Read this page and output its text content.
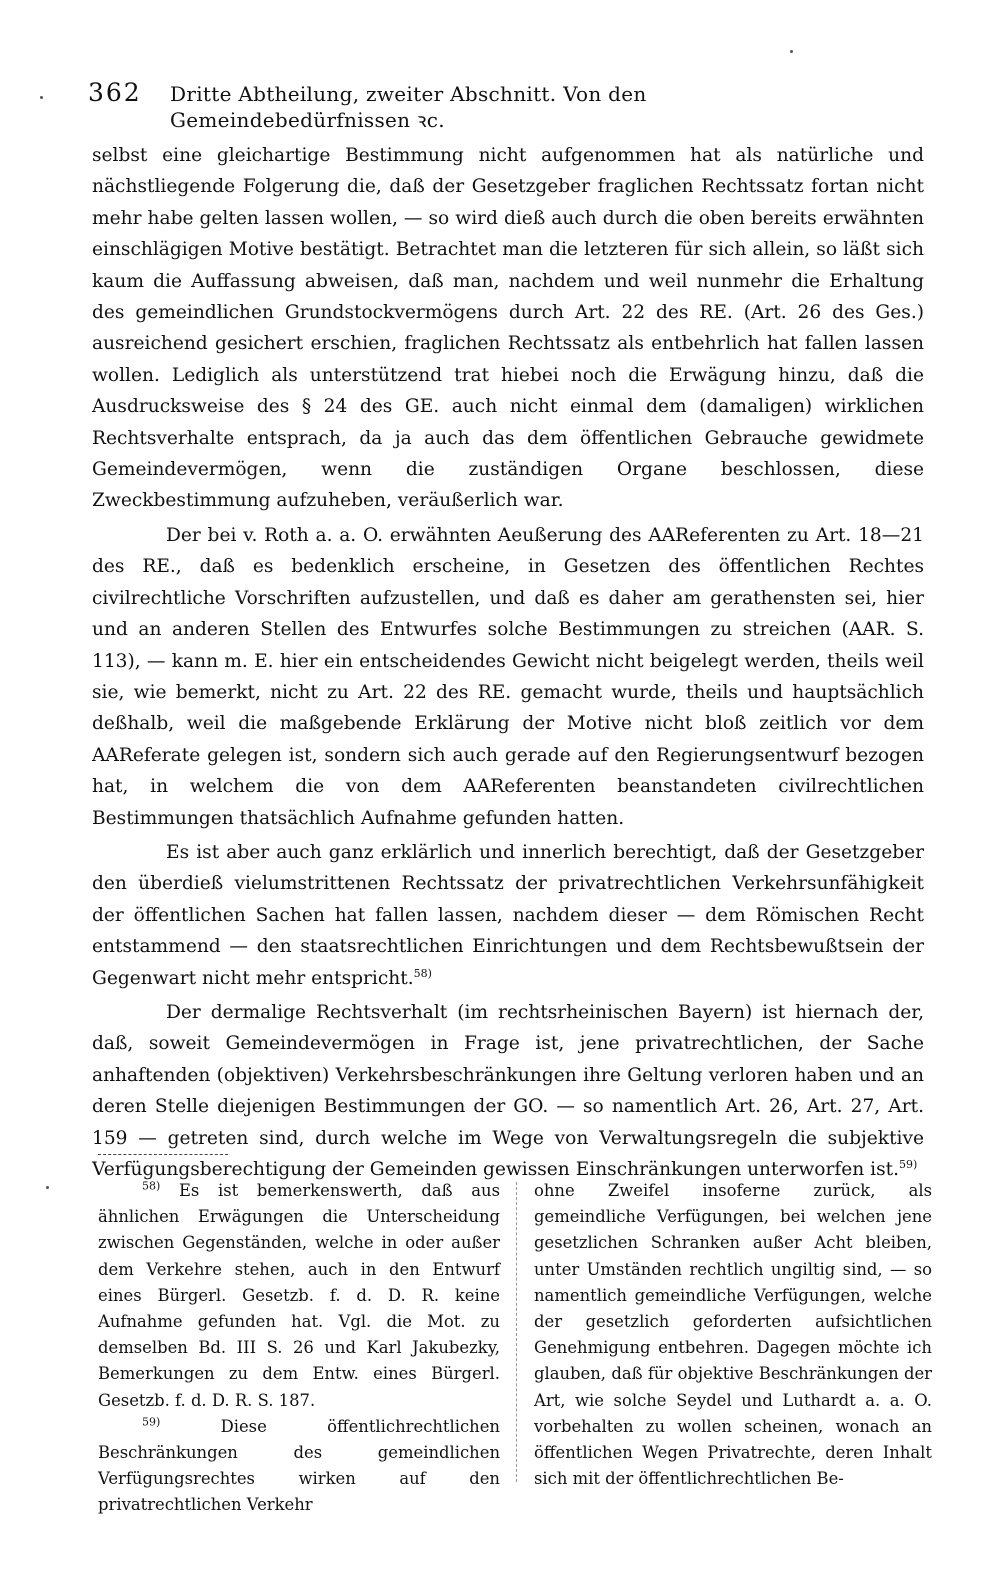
362 Dritte Abtheilung, zweiter Abschnitt. Von den Gemeindebedürfnissen ꝛc.

selbst eine gleichartige Bestimmung nicht aufgenommen hat als natürliche und nächstliegende Folgerung die, daß der Gesetzgeber fraglichen Rechtssatz fortan nicht mehr habe gelten lassen wollen, — so wird dieß auch durch die oben bereits erwähnten einschlägigen Motive bestätigt. Betrachtet man die letzteren für sich allein, so läßt sich kaum die Auffassung abweisen, daß man, nachdem und weil nunmehr die Erhaltung des gemeindlichen Grundstockvermögens durch Art. 22 des RE. (Art. 26 des Ges.) ausreichend gesichert erschien, fraglichen Rechtssatz als entbehrlich hat fallen lassen wollen. Lediglich als unterstützend trat hiebei noch die Erwägung hinzu, daß die Ausdrucksweise des § 24 des GE. auch nicht einmal dem (damaligen) wirklichen Rechtsverhalte entsprach, da ja auch das dem öffentlichen Gebrauche gewidmete Gemeindevermögen, wenn die zuständigen Organe beschlossen, diese Zweckbestimmung aufzuheben, veräußerlich war.

Der bei v. Roth a. a. O. erwähnten Aeußerung des AAReferenten zu Art. 18—21 des RE., daß es bedenklich erscheine, in Gesetzen des öffentlichen Rechtes civilrechtliche Vorschriften aufzustellen, und daß es daher am gerathensten sei, hier und an anderen Stellen des Entwurfes solche Bestimmungen zu streichen (AAR. S. 113), — kann m. E. hier ein entscheidendes Gewicht nicht beigelegt werden, theils weil sie, wie bemerkt, nicht zu Art. 22 des RE. gemacht wurde, theils und hauptsächlich deßhalb, weil die maßgebende Erklärung der Motive nicht bloß zeitlich vor dem AAReferate gelegen ist, sondern sich auch gerade auf den Regierungsentwurf bezogen hat, in welchem die von dem AAReferenten beanstandeten civilrechtlichen Bestimmungen thatsächlich Aufnahme gefunden hatten.

Es ist aber auch ganz erklärlich und innerlich berechtigt, daß der Gesetzgeber den überdieß vielumstrittenen Rechtssatz der privatrechtlichen Verkehrsunfähigkeit der öffentlichen Sachen hat fallen lassen, nachdem dieser — dem Römischen Recht entstammend — den staatsrechtlichen Einrichtungen und dem Rechtsbewußtsein der Gegenwart nicht mehr entspricht.$^{58)}$

Der dermalige Rechtsverhalt (im rechtsrheinischen Bayern) ist hiernach der, daß, soweit Gemeindevermögen in Frage ist, jene privatrechtlichen, der Sache anhaftenden (objektiven) Verkehrsbeschränkungen ihre Geltung verloren haben und an deren Stelle diejenigen Bestimmungen der GO. — so namentlich Art. 26, Art. 27, Art. 159 — getreten sind, durch welche im Wege von Verwaltungsregeln die subjektive Verfügungsberechtigung der Gemeinden gewissen Einschränkungen unterworfen ist.$^{59)}$

$^{58)}$ Es ist bemerkenswerth, daß aus ähnlichen Erwägungen die Unterscheidung zwischen Gegenständen, welche in oder außer dem Verkehre stehen, auch in den Entwurf eines Bürgerl. Gesetzb. f. d. D. R. keine Aufnahme gefunden hat. Vgl. die Mot. zu demselben Bd. III S. 26 und Karl Jakubezky, Bemerkungen zu dem Entw. eines Bürgerl. Gesetzb. f. d. D. R. S. 187.

$^{59)}$	Diese öffentlichrechtlichen Beschränkungen des gemeindlichen Verfügungsrechtes wirken auf den privatrechtlichen Verkehr

ohne Zweifel insoferne zurück, als gemeindliche Verfügungen, bei welchen jene gesetzlichen Schranken außer Acht bleiben, unter Umständen rechtlich ungiltig sind, — so namentlich gemeindliche Verfügungen, welche der gesetzlich geforderten aufsichtlichen Genehmigung entbehren. Dagegen möchte ich glauben, daß für objektive Beschränkungen der Art, wie solche Seydel und Luthardt a. a. O. vorbehalten zu wollen scheinen, wonach an öffentlichen Wegen Privatrechte, deren Inhalt sich mit der öffentlichrechtlichen Be-
